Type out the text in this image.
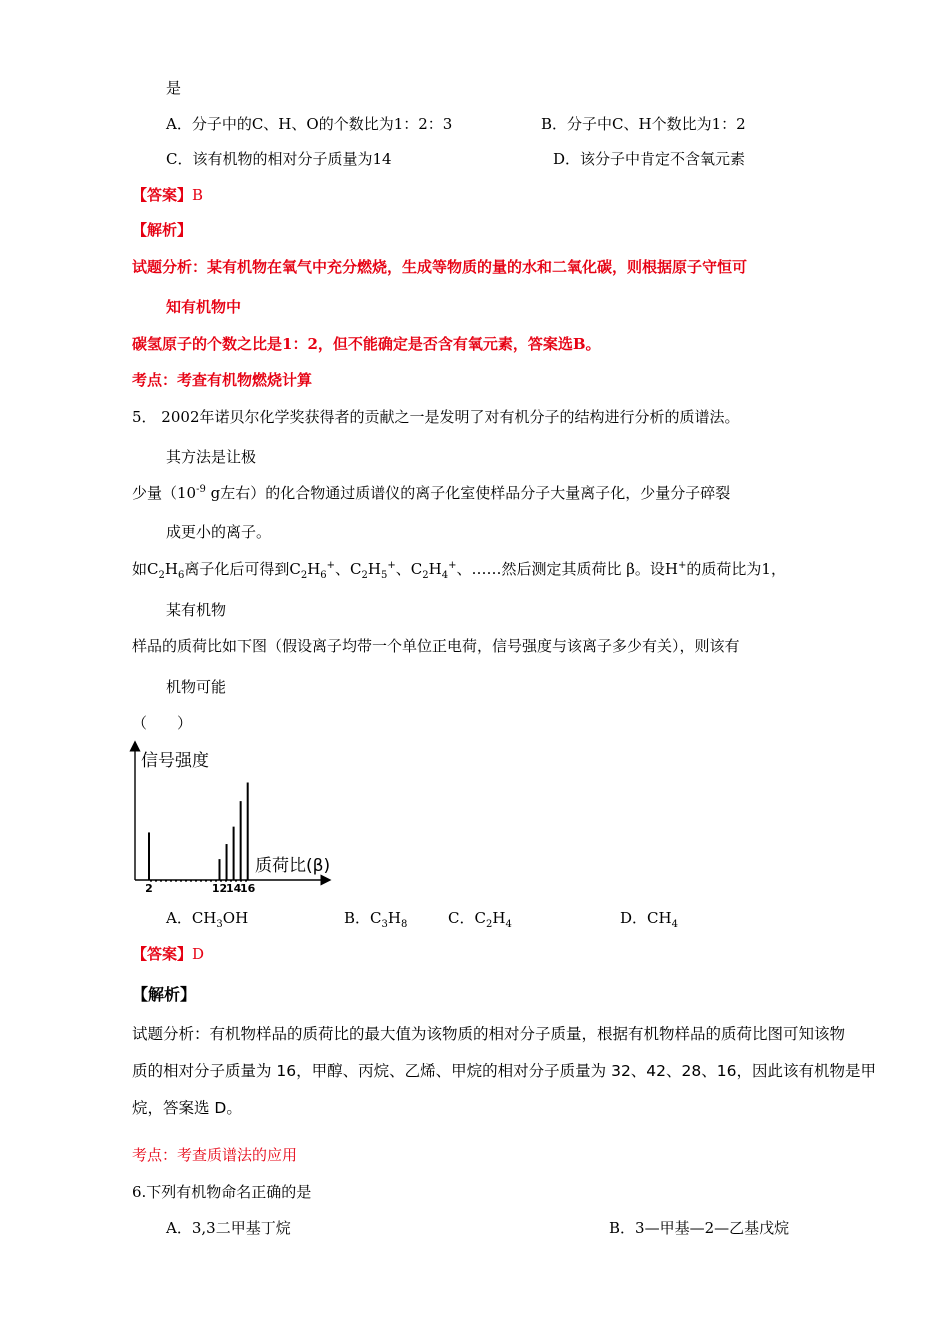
是
A．分子中的C、H、O的个数比为1：2：3	B．分子中C、H个数比为1：2
C．该有机物的相对分子质量为14	D．该分子中肯定不含氧元素
【答案】B
【解析】
试题分析：某有机物在氧气中充分燃烧，生成等物质的量的水和二氧化碳，则根据原子守恒可
知有机物中
碳氢原子的个数之比是1：2，但不能确定是否含有氧元素，答案选B。
考点：考查有机物燃烧计算
5． 2002年诺贝尔化学奖获得者的贡献之一是发明了对有机分子的结构进行分析的质谱法。
其方法是让极
少量（$10^{-9}$ g左右）的化合物通过质谱仪的离子化室使样品分子大量离子化，少量分子碎裂
成更小的离子。
如$C_2H_6$离子化后可得到$C_2H_6^+$、$C_2H_5^+$、$C_2H_4^+$、……然后测定其质荷比 β。设H+的质荷比为1，
某有机物
样品的质荷比如下图（假设离子均带一个单位正电荷，信号强度与该离子多少有关），则该有
机物可能
（　　）
信号强度
质荷比(β)
2	12
14
16
A．$CH_3OH$	B．$C_3H_8$	C．$C_2H_4$	D．$CH_4$
【答案】D
【解析】
试题分析：有机物样品的质荷比的最大值为该物质的相对分子质量，根据有机物样品的质荷比图可知该物
质的相对分子质量为 16，甲醇、丙烷、乙烯、甲烷的相对分子质量为 32、42、28、16，因此该有机物是甲
烷，答案选 D。
考点：考查质谱法的应用
6.下列有机物命名正确的是
A．3,3二甲基丁烷	B．3—甲基—2—乙基戊烷
